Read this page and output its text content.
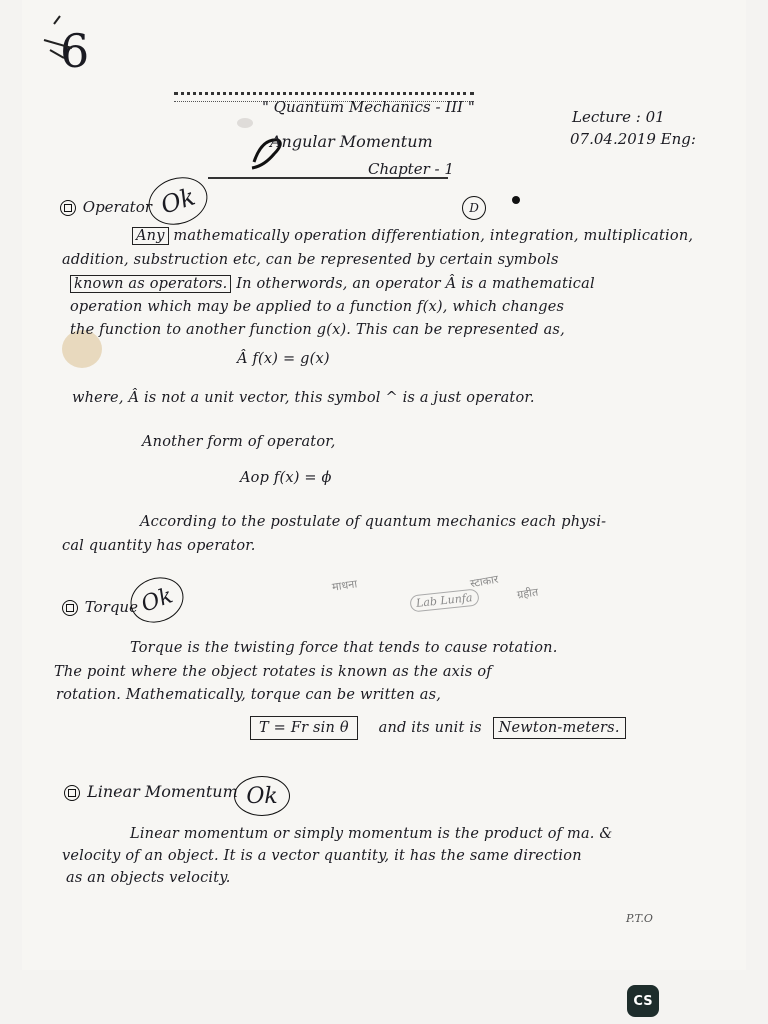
6
" Quantum Mechanics - III "
Lecture : 01
07.04.2019 Eng:
Angular Momentum
Chapter - 1
Operator Ok	D
Any mathematically operation differentiation, integration, multiplication,
addition, substruction etc, can be represented by certain symbols
known as operators. In otherwords, an operator Â is a mathematical
operation which may be applied to a function f(x), which changes
the function to another function g(x). This can be represented as,
Â f(x) = g(x)
where, Â is not a unit vector, this symbol ^ is a just operator.
Another form of operator,
Aop f(x) = ϕ
According to the postulate of quantum mechanics each physi-
cal quantity has operator.
माधना
Lab Lunfa
स्टाकार
ग्रहीत
Torque Ok
Torque is the twisting force that tends to cause rotation.
The point where the object rotates is known as the axis of
rotation. Mathematically, torque can be written as,
T = Fr sin θ and its unit is Newton-meters.
Linear Momentum Ok
Linear momentum or simply momentum is the product of ma. &
velocity of an object. It is a vector quantity, it has the same direction
as an objects velocity.
P.T.O
CS
